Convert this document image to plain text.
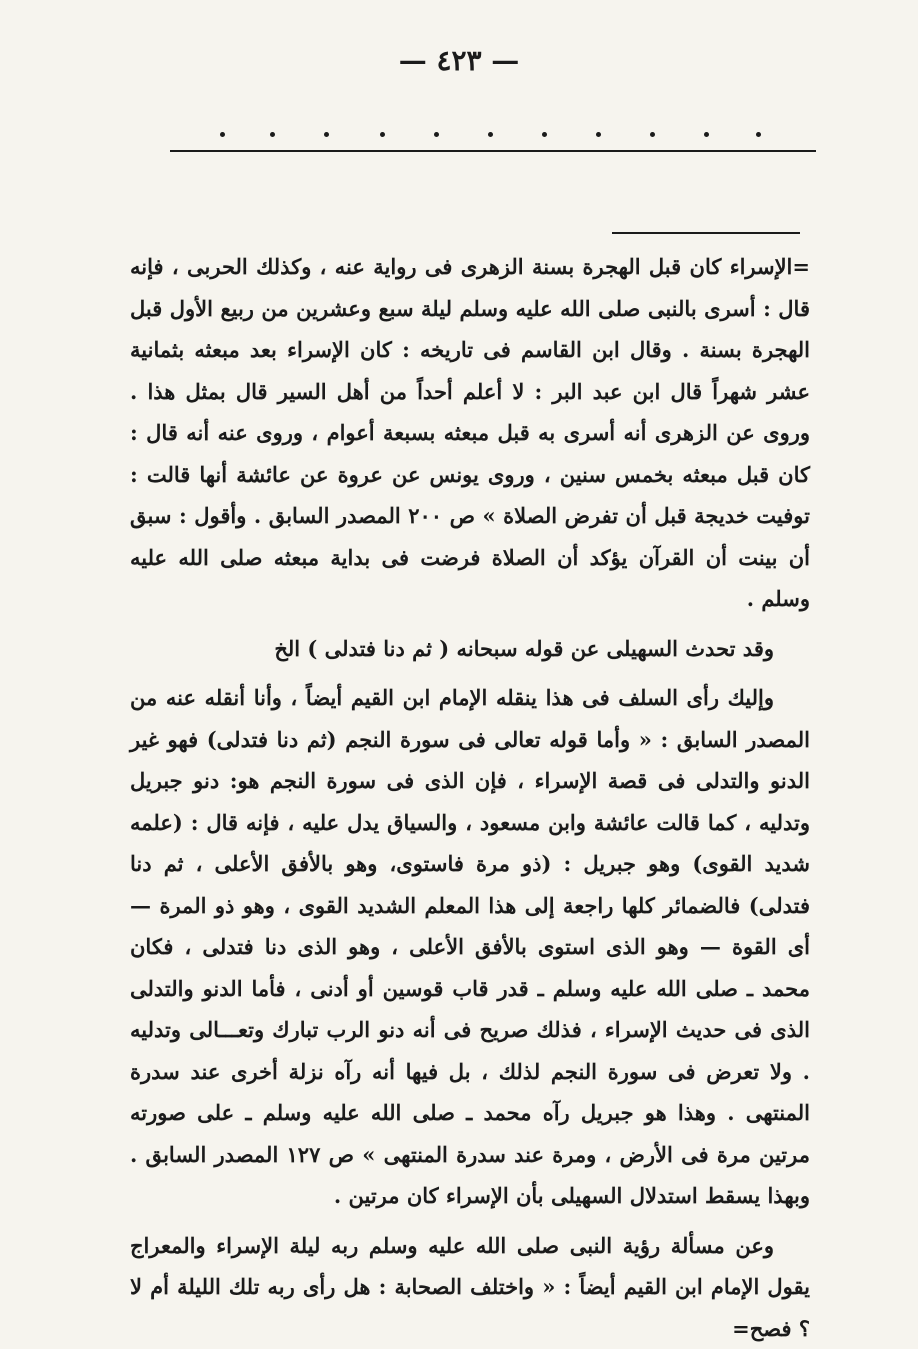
— ٤٢٣ —

=الإسراء كان قبل الهجرة بسنة الزهرى فى رواية عنه ، وكذلك الحربى ، فإنه قال : أسرى بالنبى صلى الله عليه وسلم ليلة سبع وعشرين من ربيع الأول قبل الهجرة بسنة . وقال ابن القاسم فى تاريخه : كان الإسراء بعد مبعثه بثمانية عشر شهراً قال ابن عبد البر : لا أعلم أحداً من أهل السير قال بمثل هذا . وروى عن الزهرى أنه أسرى به قبل مبعثه بسبعة أعوام ، وروى عنه أنه قال : كان قبل مبعثه بخمس سنين ، وروى يونس عن عروة عن عائشة أنها قالت : توفيت خديجة قبل أن تفرض الصلاة » ص ٢٠٠ المصدر السابق . وأقول : سبق أن بينت أن القرآن يؤكد أن الصلاة فرضت فى بداية مبعثه صلى الله عليه وسلم .

وقد تحدث السهيلى عن قوله سبحانه ( ثم دنا فتدلى ) الخ

وإليك رأى السلف فى هذا ينقله الإمام ابن القيم أيضاً ، وأنا أنقله عنه من المصدر السابق : « وأما قوله تعالى فى سورة النجم (ثم دنا فتدلى) فهو غير الدنو والتدلى فى قصة الإسراء ، فإن الذى فى سورة النجم هو: دنو جبريل وتدليه ، كما قالت عائشة وابن مسعود ، والسياق يدل عليه ، فإنه قال : (علمه شديد القوى) وهو جبريل : (ذو مرة فاستوى، وهو بالأفق الأعلى ، ثم دنا فتدلى) فالضمائر كلها راجعة إلى هذا المعلم الشديد القوى ، وهو ذو المرة — أى القوة — وهو الذى استوى بالأفق الأعلى ، وهو الذى دنا فتدلى ، فكان محمد ـ صلى الله عليه وسلم ـ قدر قاب قوسين أو أدنى ، فأما الدنو والتدلى الذى فى حديث الإسراء ، فذلك صريح فى أنه دنو الرب تبارك وتعـــالى وتدليه . ولا تعرض فى سورة النجم لذلك ، بل فيها أنه رآه نزلة أخرى عند سدرة المنتهى . وهذا هو جبريل رآه محمد ـ صلى الله عليه وسلم ـ على صورته مرتين مرة فى الأرض ، ومرة عند سدرة المنتهى » ص ١٢٧ المصدر السابق . وبهذا يسقط استدلال السهيلى بأن الإسراء كان مرتين .

وعن مسألة رؤية النبى صلى الله عليه وسلم ربه ليلة الإسراء والمعراج يقول الإمام ابن القيم أيضاً : « واختلف الصحابة : هل رأى ربه تلك الليلة أم لا ؟ فصح=
